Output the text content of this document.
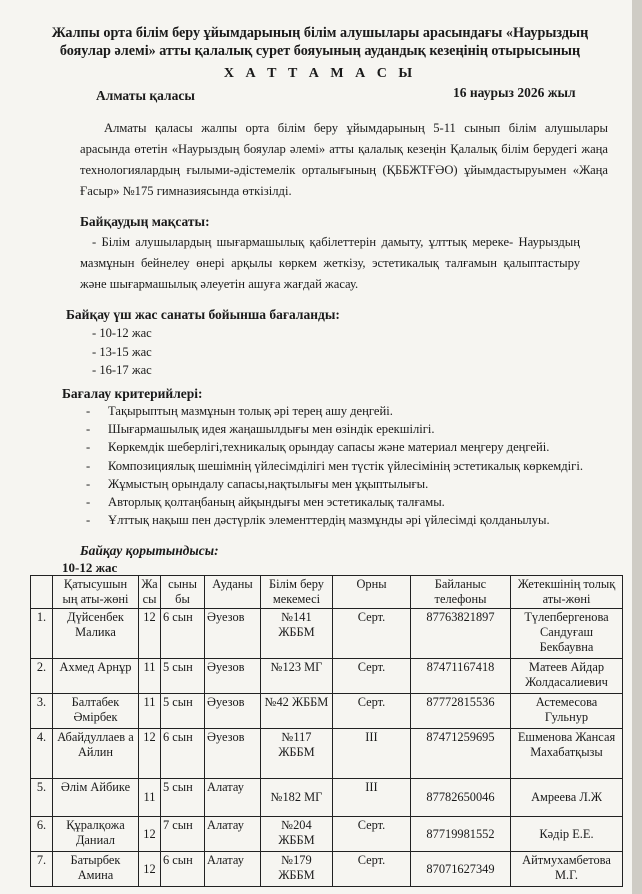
Жалпы орта білім беру ұйымдарының білім алушылары арасындағы «Наурыздың бояулар әлемі» атты қалалық сурет бояуының аудандық кезеңінің отырысының
Х А Т Т А М А С Ы
Алматы қаласы	16 наурыз 2026 жыл
Алматы қаласы жалпы орта білім беру ұйымдарының 5-11 сынып білім алушылары арасында өтетін «Наурыздың бояулар әлемі» атты қалалық кезеңін Қалалық білім берудегі жаңа технологиялардың ғылыми-әдістемелік орталығының (ҚББЖТҒӘО) ұйымдастыруымен «Жаңа Ғасыр» №175 гимназиясында өткізілді.
Байқаудың мақсаты:
- Білім алушылардың шығармашылық қабілеттерін дамыту, ұлттық мереке- Наурыздың мазмұнын бейнелеу өнері арқылы көркем жеткізу, эстетикалық талғамын қалыптастыру және шығармашылық әлеуетін ашуға жағдай жасау.
Байқау үш жас санаты бойынша бағаланды:
- 10-12 жас
- 13-15 жас
- 16-17 жас
Бағалау критерийлері:
-	Тақырыптың мазмұнын толық әрі терең ашу деңгейі.
-	Шығармашылық идея жаңашылдығы мен өзіндік ерекшілігі.
-	Көркемдік шеберлігі,техникалық орындау сапасы және материал меңгеру деңгейі.
-	Композициялық шешімнің үйлесімділігі мен түстік үйлесімінің эстетикалық көркемдігі.
-	Жұмыстың орындалу сапасы,нақтылығы мен ұқыптылығы.
-	Авторлық қолтаңбаның айқындығы мен эстетикалық талғамы.
-	Ұлттық нақыш пен дәстүрлік элементтердің мазмұнды әрі үйлесімді қолданылуы.
Байқау қорытындысы:
10-12 жас
	Қатысушын ың аты-жөні	Жа сы	сыны бы	Ауданы	Білім беру мекемесі	Орны	Байланыс телефоны	Жетекшінің толық аты-жөні
1.	Дүйсенбек Малика	12	6 сын	Әуезов	№141 ЖББМ	Серт.	87763821897	Түлепбергенова Сандуғаш Бекбаувна
2.	Ахмед Арнұр	11	5 сын	Әуезов	№123 МГ	Серт.	87471167418	Матеев Айдар Жолдасалиевич
3.	Балтабек Әмірбек	11	5 сын	Әуезов	№42 ЖББМ	Серт.	87772815536	Астемесова Гульнур
4.	Абайдуллаев а Айлин	12	6 сын	Әуезов	№117 ЖББМ	ІІІ	87471259695	Ешменова Жансая Махабатқызы
5.	Әлім Айбике	11	5 сын	Алатау	№182 МГ	ІІІ	87782650046	Амреева Л.Ж
6.	Құралқожа Даниал	12	7 сын	Алатау	№204 ЖББМ	Серт.	87719981552	Кәдір Е.Е.
7.	Батырбек Амина	12	6 сын	Алатау	№179 ЖББМ	Серт.	87071627349	Айтмухамбетова М.Г.
